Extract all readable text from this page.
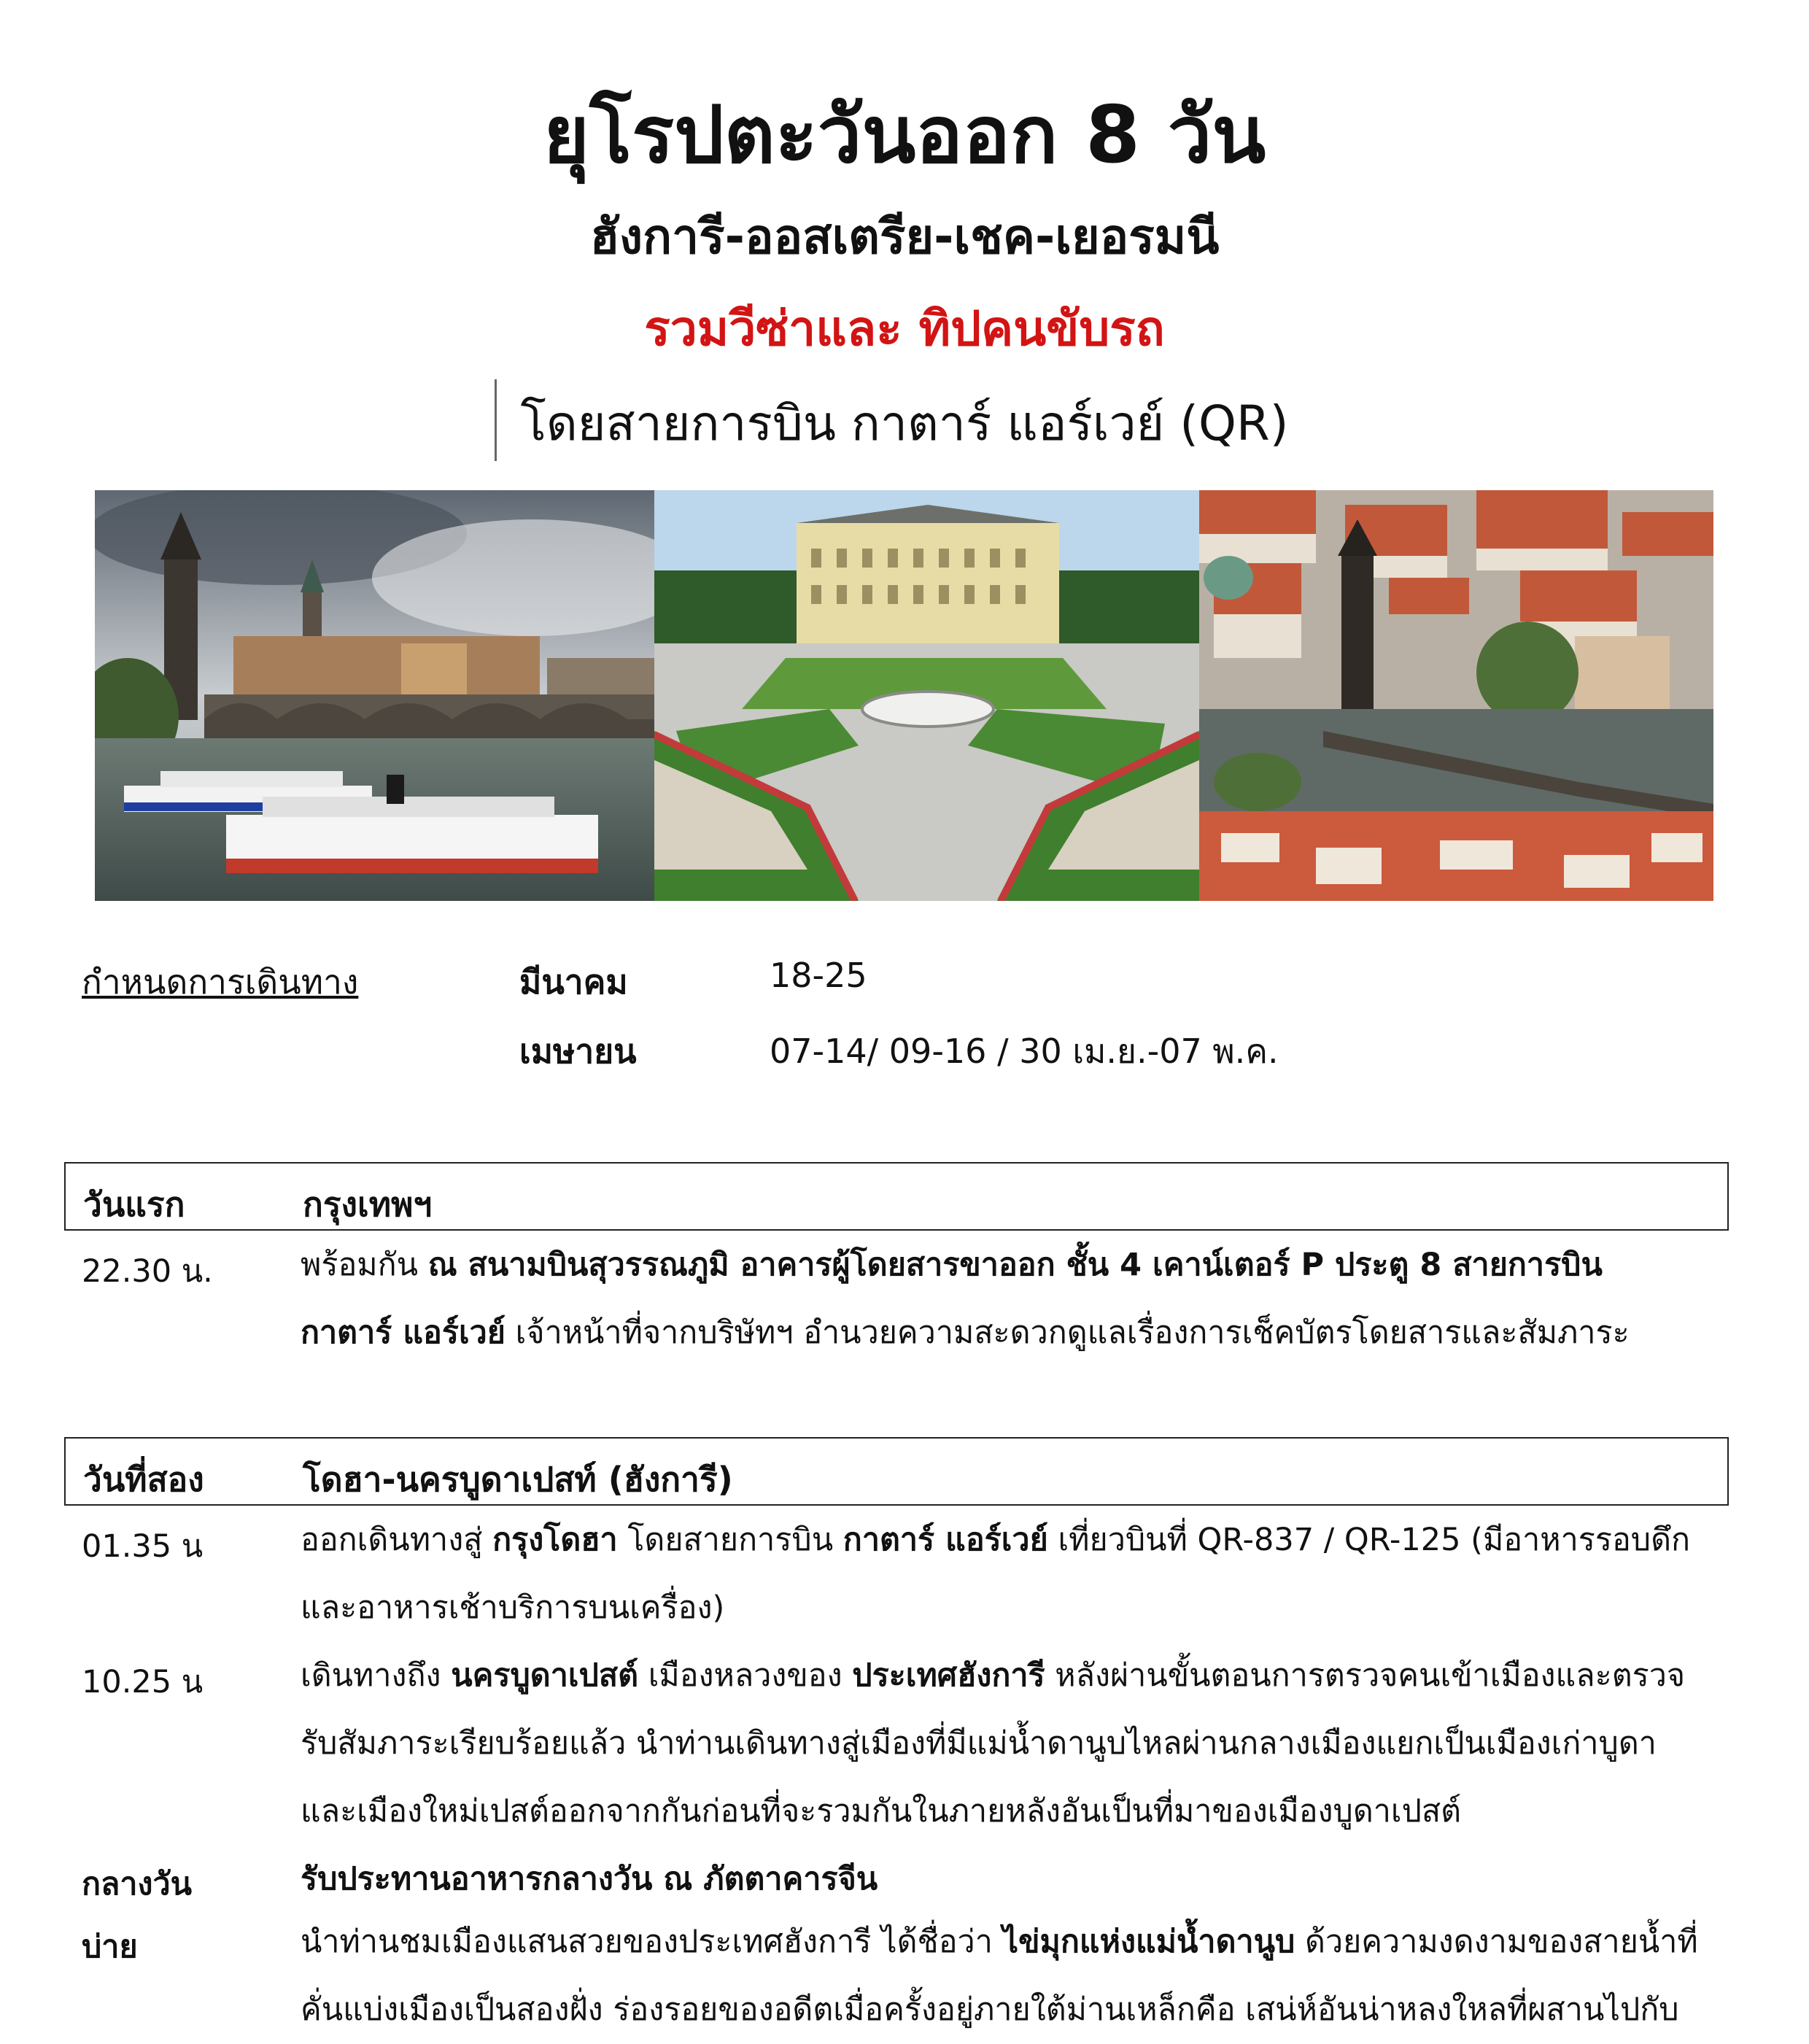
ยุโรปตะวันออก 8 วัน
ฮังการี-ออสเตรีย-เชค-เยอรมนี
รวมวีซ่าและ ทิปคนขับรถ
โดยสายการบิน กาตาร์ แอร์เวย์ (QR)
กำหนดการเดินทาง	มีนาคม	18-25
เมษายน	07-14/ 09-16 / 30 เม.ย.-07 พ.ค.
วันแรก	กรุงเทพฯ
22.30 น.	พร้อมกัน ณ สนามบินสุวรรณภูมิ อาคารผู้โดยสารขาออก ชั้น 4 เคาน์เตอร์ P ประตู 8 สายการบิน
กาตาร์ แอร์เวย์ เจ้าหน้าที่จากบริษัทฯ อำนวยความสะดวกดูแลเรื่องการเช็คบัตรโดยสารและสัมภาระ
วันที่สอง	โดฮา-นครบูดาเปสท์ (ฮังการี)
01.35 น	ออกเดินทางสู่ กรุงโดฮา โดยสายการบิน กาตาร์ แอร์เวย์ เที่ยวบินที่ QR-837 / QR-125 (มีอาหารรอบดึก
และอาหารเช้าบริการบนเครื่อง)
10.25 น	เดินทางถึง นครบูดาเปสต์ เมืองหลวงของ ประเทศฮังการี หลังผ่านขั้นตอนการตรวจคนเข้าเมืองและตรวจ
รับสัมภาระเรียบร้อยแล้ว นำท่านเดินทางสู่เมืองที่มีแม่น้ำดานูบไหลผ่านกลางเมืองแยกเป็นเมืองเก่าบูดา
และเมืองใหม่เปสต์ออกจากกันก่อนที่จะรวมกันในภายหลังอันเป็นที่มาของเมืองบูดาเปสต์
กลางวัน	รับประทานอาหารกลางวัน ณ ภัตตาคารจีน
บ่าย	นำท่านชมเมืองแสนสวยของประเทศฮังการี ได้ชื่อว่า ไข่มุกแห่งแม่น้ำดานูบ ด้วยความงดงามของสายน้ำที่
คั่นแบ่งเมืองเป็นสองฝั่ง ร่องรอยของอดีตเมื่อครั้งอยู่ภายใต้ม่านเหล็กคือ เสน่ห์อันน่าหลงใหลที่ผสานไปกับ
